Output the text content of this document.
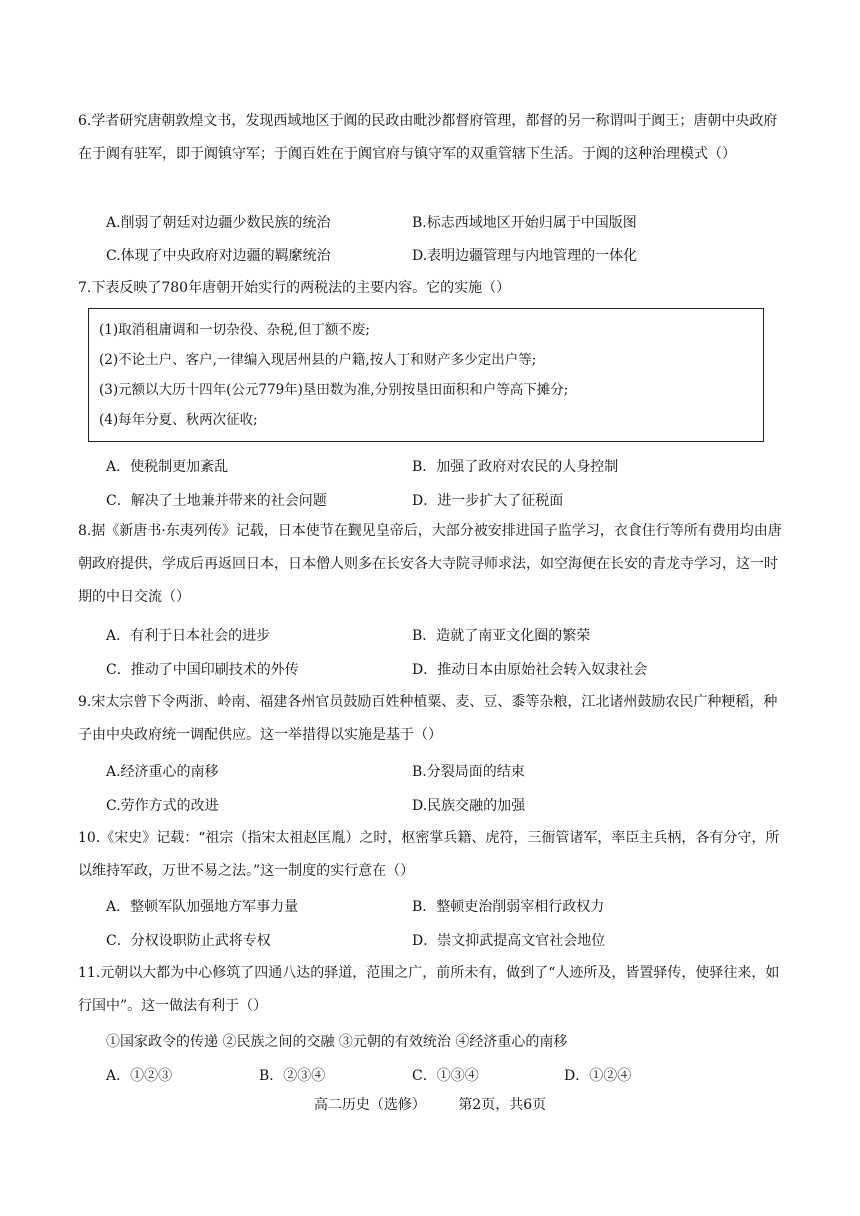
6.学者研究唐朝敦煌文书，发现西域地区于阗的民政由毗沙都督府管理，都督的另一称谓叫于阗王；唐朝中央政府在于阗有驻军，即于阗镇守军；于阗百姓在于阗官府与镇守军的双重管辖下生活。于阗的这种治理模式（）

A.削弱了朝廷对边疆少数民族的统治	B.标志西域地区开始归属于中国版图
C.体现了中央政府对边疆的羁縻统治	D.表明边疆管理与内地管理的一体化

7.下表反映了780年唐朝开始实行的两税法的主要内容。它的实施（）

(1)取消租庸调和一切杂役、杂税,但丁额不废;
(2)不论土户、客户,一律编入现居州县的户籍,按人丁和财产多少定出户等;
(3)元额以大历十四年(公元779年)垦田数为准,分别按垦田面积和户等高下摊分;
(4)每年分夏、秋两次征收;
A．使税制更加紊乱	B．加强了政府对农民的人身控制
C．解决了土地兼并带来的社会问题	D．进一步扩大了征税面

8.据《新唐书·东夷列传》记载，日本使节在觐见皇帝后，大部分被安排进国子监学习，衣食住行等所有费用均由唐朝政府提供，学成后再返回日本，日本僧人则多在长安各大寺院寻师求法，如空海便在长安的青龙寺学习，这一时期的中日交流（）

A．有利于日本社会的进步	B．造就了南亚文化圈的繁荣
C．推动了中国印刷技术的外传	D．推动日本由原始社会转入奴隶社会

9.宋太宗曾下令两浙、岭南、福建各州官员鼓励百姓种植粟、麦、豆、黍等杂粮，江北诸州鼓励农民广种粳稻，种子由中央政府统一调配供应。这一举措得以实施是基于（）

A.经济重心的南移	B.分裂局面的结束
C.劳作方式的改进	D.民族交融的加强

10.《宋史》记载：“祖宗（指宋太祖赵匡胤）之时，枢密掌兵籍、虎符，三衙管诸军，率臣主兵柄，各有分守，所以维持军政，万世不易之法。”这一制度的实行意在（）

A．整顿军队加强地方军事力量	B．整顿吏治削弱宰相行政权力
C．分权设职防止武将专权	D．崇文抑武提高文官社会地位

11.元朝以大都为中心修筑了四通八达的驿道，范围之广，前所未有，做到了“人迹所及，皆置驿传，使驿往来，如行国中”。这一做法有利于（）

①国家政令的传递 ②民族之间的交融 ③元朝的有效统治 ④经济重心的南移
A．①②③	B．②③④	C．①③④	D．①②④
高二历史（选修） 第2页，共6页
